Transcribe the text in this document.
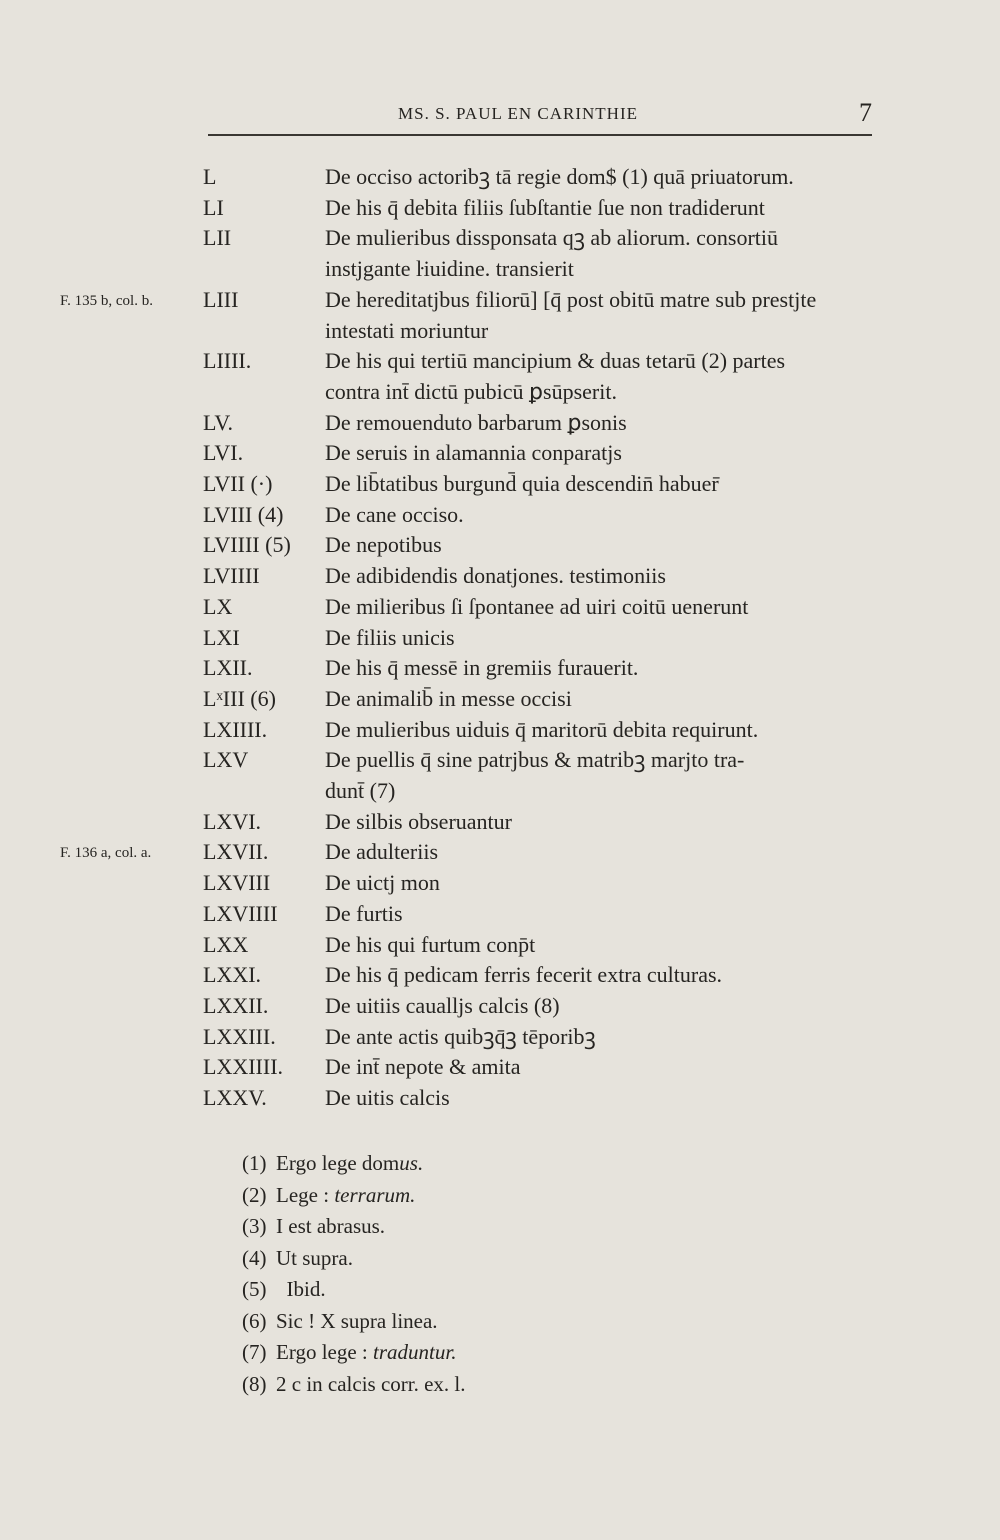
MS. S. PAUL EN CARINTHIE	7
L	De occiso actoribꝫ tā regie dom$ (1) quā priuatorum.
LI	De his q̄ debita filiis ſubſtantie ſue non tradiderunt
LII	De mulieribus dissponsata qꝫ ab aliorum. consortiū
instjgante ŀiuidine. transierit
F. 135 b, col. b.	LIII	De hereditatjbus filiorū] [q̄ post obitū matre sub prestjte
intestati moriuntur
LIIII.	De his qui tertiū mancipium & duas tetarū (2) partes
contra int̄ dictū pubicū ꝑsūpserit.
LV.	De remouenduto barbarum ꝑsonis
LVI.	De seruis in alamannia conparatjs
LVII (·) De lib̄tatibus burgund̄ quia descendin̄ habuer̄
LVIII (4) De cane occiso.
LVIIII (5) De nepotibus
LVIIII	De adibidendis donatjones. testimoniis
LX	De milieribus ſi ſpontanee ad uiri coitū uenerunt
LXI	De filiis unicis
LXII.	De his q̄ messē in gremiis furauerit.
LˣIII (6) De animalib̄ in messe occisi
LXIIII.	De mulieribus uiduis q̄ maritorū debita requirunt.
LXV	De puellis q̄ sine patrjbus & matribꝫ marjto tra-
dunt̄ (7)
LXVI.	De silbis obseruantur
F. 136 a, col. a.	LXVII.	De adulteriis
LXVIII De uictj mon
LXVIIII De furtis
LXX	De his qui furtum conp̄t
LXXI.	De his q̄ pedicam ferris fecerit extra culturas.
LXXII.	De uitiis caualljs calcis (8)
LXXIII. De ante actis quibꝫq̄ꝫ tēporibꝫ
LXXIIII. De int̄ nepote & amita
LXXV.	De uitis calcis
(1) Ergo lege domus.
(2) Lege : terrarum.
(3) I est abrasus.
(4) Ut supra.
(5)  Ibid.
(6) Sic ! X supra linea.
(7) Ergo lege : traduntur.
(8) 2 c in calcis corr. ex. l.
